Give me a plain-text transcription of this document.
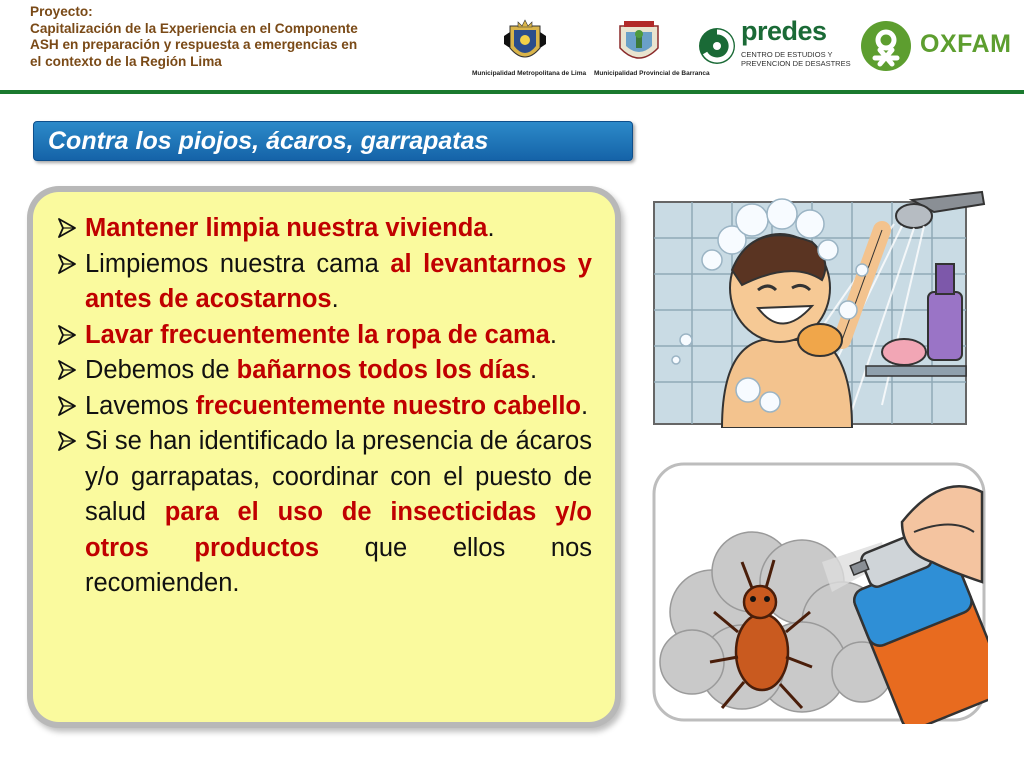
Proyecto:
Capitalización de la Experiencia en el Componente
ASH en preparación y respuesta a emergencias en
el contexto de la Región Lima
Municipalidad Metropolitana de Lima Municipalidad Provincial de Barranca
predes
CENTRO DE ESTUDIOS Y
PREVENCION DE DESASTRES
OXFAM
Contra los piojos, ácaros, garrapatas

Mantener limpia nuestra vivienda.

Limpiemos nuestra cama al levantarnos y antes de acostarnos.

Lavar frecuentemente la ropa de cama.

Debemos de bañarnos todos los días.

Lavemos frecuentemente nuestro cabello.

Si se han identificado la presencia de ácaros y/o garrapatas, coordinar con el puesto de salud para el uso de insecticidas y/o otros productos que ellos nos recomienden.
